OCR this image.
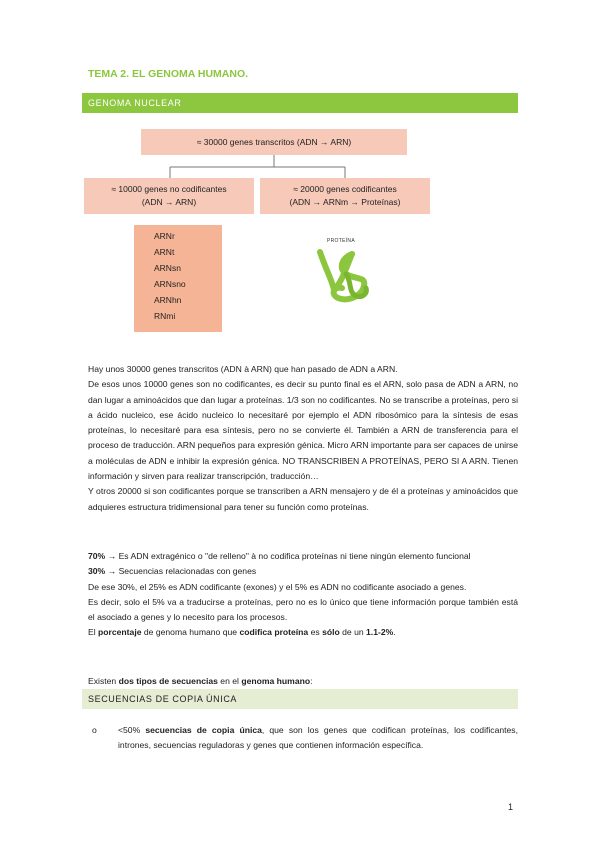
TEMA 2. EL GENOMA HUMANO.
GENOMA NUCLEAR
≈ 30000 genes transcritos (ADN → ARN)
≈ 10000 genes no codificantes
(ADN → ARN)
≈ 20000 genes codificantes
(ADN → ARNm → Proteínas)
ARNr
ARNt
ARNsn
ARNsno
ARNhn
RNmi
PROTEÍNA

Hay unos 30000 genes transcritos (ADN à ARN) que han pasado de ADN a ARN.

De esos unos 10000 genes son no codificantes, es decir su punto final es el ARN, solo pasa de ADN a ARN, no dan lugar a aminoácidos que dan lugar a proteínas. 1/3 son no codificantes. No se transcribe a proteínas, pero si a ácido nucleico, ese ácido nucleico lo necesitaré por ejemplo el ADN ribosómico para la síntesis de esas proteínas, lo necesitaré para esa síntesis, pero no se convierte él. También a ARN de transferencia para el proceso de traducción. ARN pequeños para expresión génica. Micro ARN importante para ser capaces de unirse a moléculas de ADN e inhibir la expresión génica. NO TRANSCRIBEN A PROTEÍNAS, PERO SI A ARN. Tienen información y sirven para realizar transcripción, traducción…

Y otros 20000 si son codificantes porque se transcriben a ARN mensajero y de él a proteínas y aminoácidos que adquieres estructura tridimensional para tener su función como proteínas.

70% → Es ADN extragénico o "de relleno" à no codifica proteínas ni tiene ningún elemento funcional

30% → Secuencias relacionadas con genes

De ese 30%, el 25% es ADN codificante (exones) y el 5% es ADN no codificante asociado a genes.

Es decir, solo el 5% va a traducirse a proteínas, pero no es lo único que tiene información porque también está el asociado a genes y lo necesito para los procesos.

El porcentaje de genoma humano que codifica proteína es sólo de un 1.1-2%.

Existen dos tipos de secuencias en el genoma humano:

SECUENCIAS DE COPIA ÚNICA
o <50% secuencias de copia única, que son los genes que codifican proteínas, los codificantes, intrones, secuencias reguladoras y genes que contienen información específica.

1
